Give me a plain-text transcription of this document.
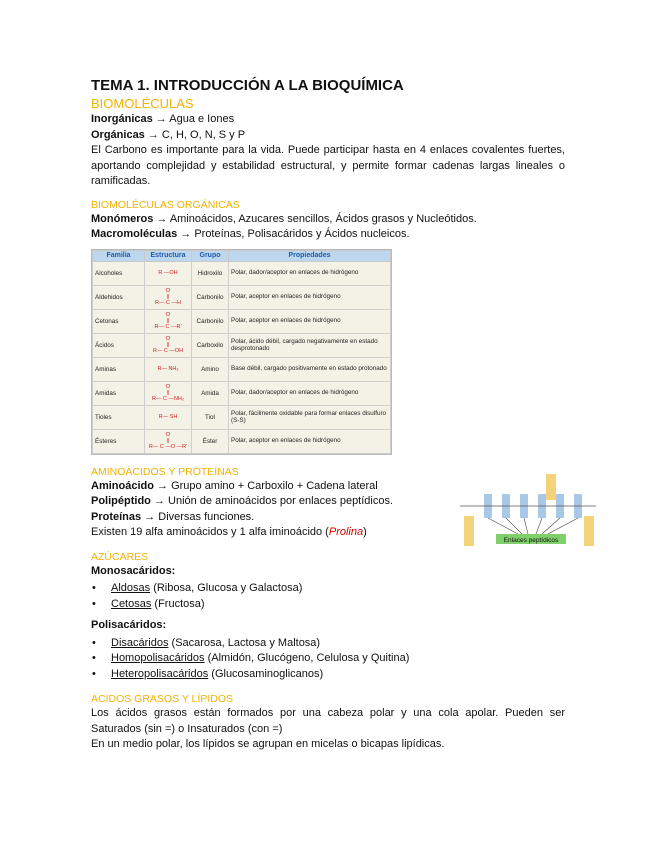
TEMA 1. INTRODUCCIÓN A LA BIOQUÍMICA
BIOMOLÉCULAS

Inorgánicas → Agua e Iones

Orgánicas → C, H, O, N, S y P

El Carbono es importante para la vida. Puede participar hasta en 4 enlaces covalentes fuertes, aportando complejidad y estabilidad estructural, y permite formar cadenas largas lineales o ramificadas.

BIOMOLÉCULAS ORGÁNICAS

Monómeros → Aminoácidos, Azucares sencillos, Ácidos grasos y Nucleótidos.

Macromoléculas → Proteínas, Polisacáridos y Ácidos nucleicos.

Familia	Estructura	Grupo	Propiedades
Alcoholes	R —OH	Hidroxilo	Polar, dador/aceptor en enlaces de hidrógeno
Aldehidos	O
||
R— C —H	Carbonilo	Polar, aceptor en enlaces de hidrógeno
Cetonas	O
||
R— C —R'	Carbonilo	Polar, aceptor en enlaces de hidrógeno
Ácidos	O
||
R— C —OH	Carboxilo	Polar, ácido débil, cargado negativamente en estado desprotonado
Aminas	R— NH₂	Amino	Base débil, cargado positivamente en estado protonado
Amidas	O
||
R— C —NH₂	Amida	Polar, dador/aceptor en enlaces de hidrógeno
Tioles	R— SH	Tiol	Polar, fácilmente oxidable para formar enlaces disulfuro (S-S)
Ésteres	O
||
R— C —O —R'	Éster	Polar, aceptor en enlaces de hidrógeno
AMINOÁCIDOS Y PROTEÍNAS

Aminoácido → Grupo amino + Carboxilo + Cadena lateral

Polipéptido → Unión de aminoácidos por enlaces peptídicos.

Proteínas → Diversas funciones.

Existen 19 alfa aminoácidos y 1 alfa iminoácido (Prolina)

AZÚCARES

Monosacáridos:

• Aldosas (Ribosa, Glucosa y Galactosa)
• Cetosas (Fructosa)

Polisacáridos:

• Disacáridos (Sacarosa, Lactosa y Maltosa)
• Homopolisacáridos (Almidón, Glucógeno, Celulosa y Quitina)
• Heteropolisacáridos (Glucosaminoglicanos)
ACIDOS GRASOS Y LÍPIDOS

Los ácidos grasos están formados por una cabeza polar y una cola apolar. Pueden ser Saturados (sin =) o Insaturados (con =)

En un medio polar, los lípidos se agrupan en micelas o bicapas lipídicas.

Enlaces peptídicos
